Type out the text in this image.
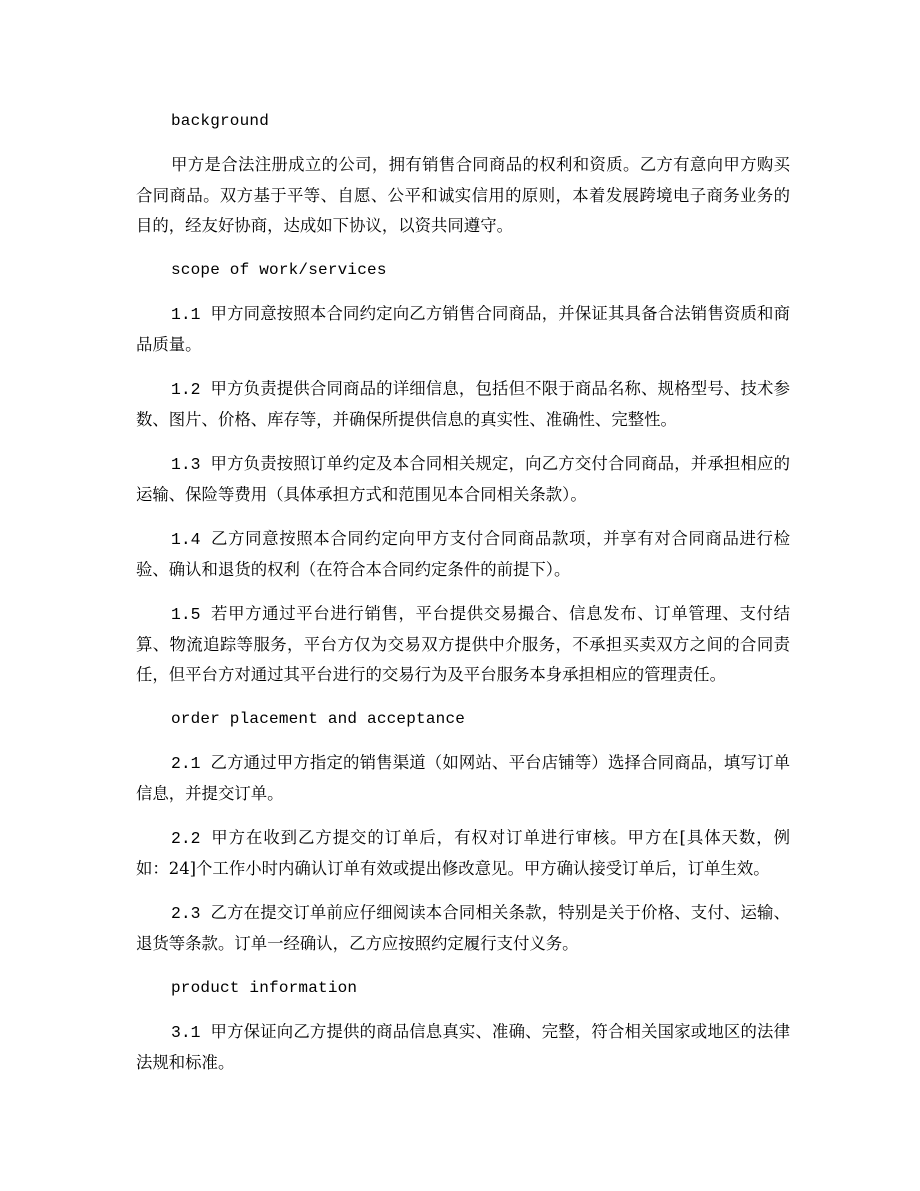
background

甲方是合法注册成立的公司，拥有销售合同商品的权利和资质。乙方有意向甲方购买合同商品。双方基于平等、自愿、公平和诚实信用的原则，本着发展跨境电子商务业务的目的，经友好协商，达成如下协议，以资共同遵守。

scope of work/services

1.1 甲方同意按照本合同约定向乙方销售合同商品，并保证其具备合法销售资质和商品质量。

1.2 甲方负责提供合同商品的详细信息，包括但不限于商品名称、规格型号、技术参数、图片、价格、库存等，并确保所提供信息的真实性、准确性、完整性。

1.3 甲方负责按照订单约定及本合同相关规定，向乙方交付合同商品，并承担相应的运输、保险等费用（具体承担方式和范围见本合同相关条款）。

1.4 乙方同意按照本合同约定向甲方支付合同商品款项，并享有对合同商品进行检验、确认和退货的权利（在符合本合同约定条件的前提下）。

1.5 若甲方通过平台进行销售，平台提供交易撮合、信息发布、订单管理、支付结算、物流追踪等服务，平台方仅为交易双方提供中介服务，不承担买卖双方之间的合同责任，但平台方对通过其平台进行的交易行为及平台服务本身承担相应的管理责任。

order placement and acceptance

2.1 乙方通过甲方指定的销售渠道（如网站、平台店铺等）选择合同商品，填写订单信息，并提交订单。

2.2 甲方在收到乙方提交的订单后，有权对订单进行审核。甲方在[具体天数，例如：24]个工作小时内确认订单有效或提出修改意见。甲方确认接受订单后，订单生效。

2.3 乙方在提交订单前应仔细阅读本合同相关条款，特别是关于价格、支付、运输、退货等条款。订单一经确认，乙方应按照约定履行支付义务。

product information

3.1 甲方保证向乙方提供的商品信息真实、准确、完整，符合相关国家或地区的法律法规和标准。
